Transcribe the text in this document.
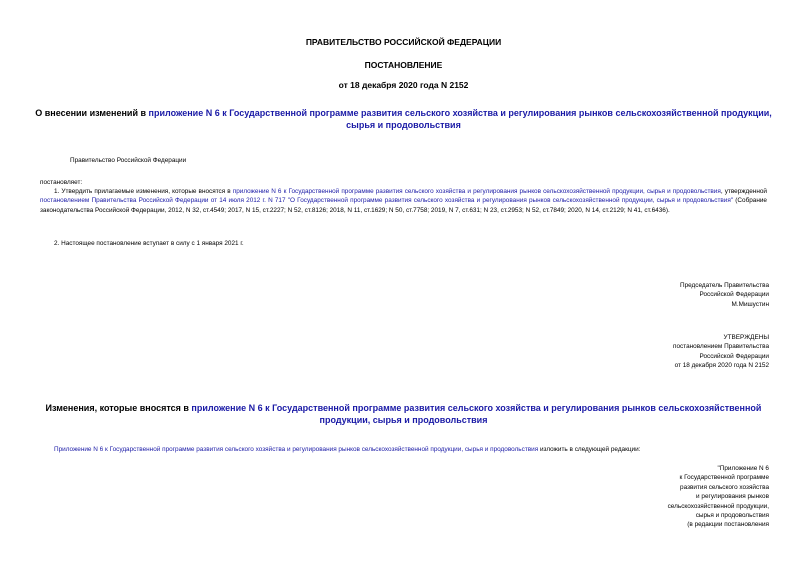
ПРАВИТЕЛЬСТВО РОССИЙСКОЙ ФЕДЕРАЦИИ
ПОСТАНОВЛЕНИЕ
от 18 декабря 2020 года N 2152
О внесении изменений в приложение N 6 к Государственной программе развития сельского хозяйства и регулирования рынков сельскохозяйственной продукции, сырья и продовольствия
Правительство Российской Федерации
постановляет:
1. Утвердить прилагаемые изменения, которые вносятся в приложение N 6 к Государственной программе развития сельского хозяйства и регулирования рынков сельскохозяйственной продукции, сырья и продовольствия, утвержденной постановлением Правительства Российской Федерации от 14 июля 2012 г. N 717 "О Государственной программе развития сельского хозяйства и регулирования рынков сельскохозяйственной продукции, сырья и продовольствия" (Собрание законодательства Российской Федерации, 2012, N 32, ст.4549; 2017, N 15, ст.2227; N 52, ст.8126; 2018, N 11, ст.1629; N 50, ст.7758; 2019, N 7, ст.631; N 23, ст.2953; N 52, ст.7849; 2020, N 14, ст.2129; N 41, ст.6436).
2. Настоящее постановление вступает в силу с 1 января 2021 г.
Председатель Правительства
Российской Федерации
М.Мишустин
УТВЕРЖДЕНЫ
постановлением Правительства
Российской Федерации
от 18 декабря 2020 года N 2152
Изменения, которые вносятся в приложение N 6 к Государственной программе развития сельского хозяйства и регулирования рынков сельскохозяйственной продукции, сырья и продовольствия
Приложение N 6 к Государственной программе развития сельского хозяйства и регулирования рынков сельскохозяйственной продукции, сырья и продовольствия изложить в следующей редакции:
"Приложение N 6
к Государственной программе
развития сельского хозяйства
и регулирования рынков
сельскохозяйственной продукции,
сырья и продовольствия
(в редакции постановления
